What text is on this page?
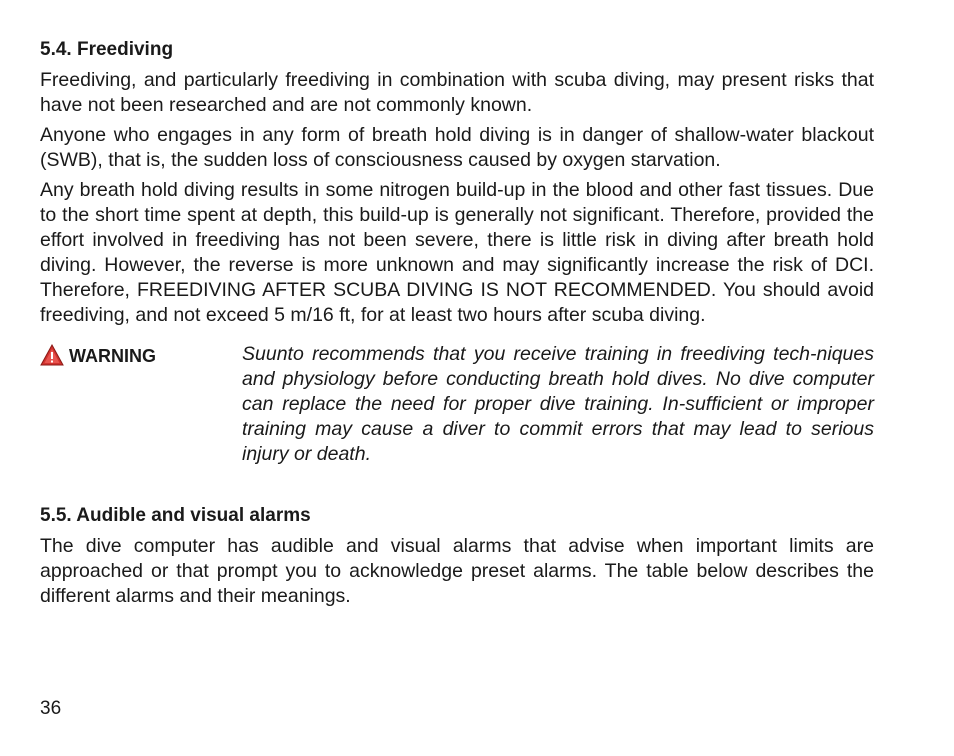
5.4. Freediving

Freediving, and particularly freediving in combination with scuba diving, may present risks that have not been researched and are not commonly known.

Anyone who engages in any form of breath hold diving is in danger of shallow-water blackout (SWB), that is, the sudden loss of consciousness caused by oxygen starvation.

Any breath hold diving results in some nitrogen build-up in the blood and other fast tissues. Due to the short time spent at depth, this build-up is generally not significant. Therefore, provided the effort involved in freediving has not been severe, there is little risk in diving after breath hold diving. However, the reverse is more unknown and may significantly increase the risk of DCI. Therefore, FREEDIVING AFTER SCUBA DIVING IS NOT RECOMMENDED. You should avoid freediving, and not exceed 5 m/16 ft, for at least two hours after scuba diving.

WARNING	Suunto recommends that you receive training in freediving tech-niques and physiology before conducting breath hold dives. No dive computer can replace the need for proper dive training. In-sufficient or improper training may cause a diver to commit errors that may lead to serious injury or death.

5.5. Audible and visual alarms

The dive computer has audible and visual alarms that advise when important limits are approached or that prompt you to acknowledge preset alarms. The table below describes the different alarms and their meanings.

36
